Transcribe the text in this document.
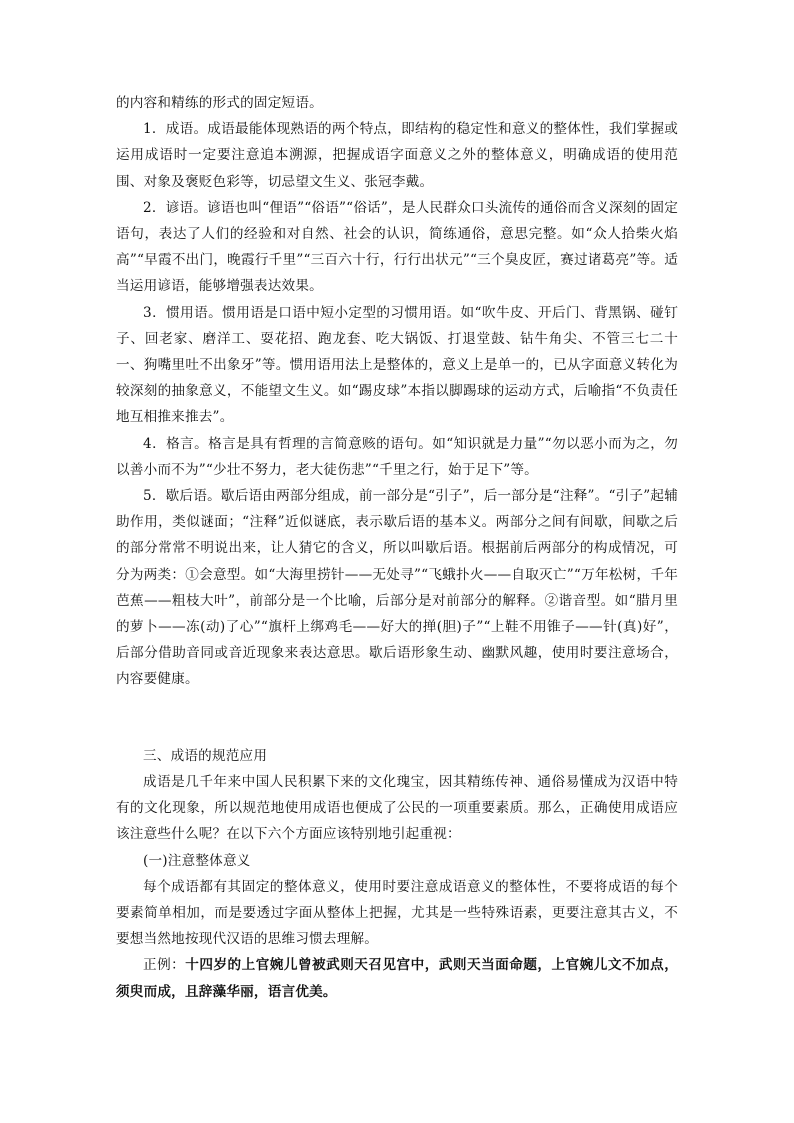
的内容和精练的形式的固定短语。

1．成语。成语最能体现熟语的两个特点，即结构的稳定性和意义的整体性，我们掌握或运用成语时一定要注意追本溯源，把握成语字面意义之外的整体意义，明确成语的使用范围、对象及褒贬色彩等，切忌望文生义、张冠李戴。

2．谚语。谚语也叫“俚语”“俗语”“俗话”，是人民群众口头流传的通俗而含义深刻的固定语句，表达了人们的经验和对自然、社会的认识，简练通俗，意思完整。如“众人拾柴火焰高”“早霞不出门，晚霞行千里”“三百六十行，行行出状元”“三个臭皮匠，赛过诸葛亮”等。适当运用谚语，能够增强表达效果。

3．惯用语。惯用语是口语中短小定型的习惯用语。如“吹牛皮、开后门、背黑锅、碰钉子、回老家、磨洋工、耍花招、跑龙套、吃大锅饭、打退堂鼓、钻牛角尖、不管三七二十一、狗嘴里吐不出象牙”等。惯用语用法上是整体的，意义上是单一的，已从字面意义转化为较深刻的抽象意义，不能望文生义。如“踢皮球”本指以脚踢球的运动方式，后喻指“不负责任地互相推来推去”。

4．格言。格言是具有哲理的言简意赅的语句。如“知识就是力量”“勿以恶小而为之，勿以善小而不为”“少壮不努力，老大徒伤悲”“千里之行，始于足下”等。

5．歇后语。歇后语由两部分组成，前一部分是“引子”，后一部分是“注释”。“引子”起辅助作用，类似谜面；“注释”近似谜底，表示歇后语的基本义。两部分之间有间歇，间歇之后的部分常常不明说出来，让人猜它的含义，所以叫歇后语。根据前后两部分的构成情况，可分为两类：①会意型。如“大海里捞针——无处寻”“飞蛾扑火——自取灭亡”“万年松树，千年芭蕉——粗枝大叶”，前部分是一个比喻，后部分是对前部分的解释。②谐音型。如“腊月里的萝卜——冻(动)了心”“旗杆上绑鸡毛——好大的掸(胆)子”“上鞋不用锥子——针(真)好”，后部分借助音同或音近现象来表达意思。歇后语形象生动、幽默风趣，使用时要注意场合，内容要健康。

三、成语的规范应用

成语是几千年来中国人民积累下来的文化瑰宝，因其精练传神、通俗易懂成为汉语中特有的文化现象，所以规范地使用成语也便成了公民的一项重要素质。那么，正确使用成语应该注意些什么呢？在以下六个方面应该特别地引起重视：

(一)注意整体意义

每个成语都有其固定的整体意义，使用时要注意成语意义的整体性，不要将成语的每个要素简单相加，而是要透过字面从整体上把握，尤其是一些特殊语素，更要注意其古义，不要想当然地按现代汉语的思维习惯去理解。

正例：十四岁的上官婉儿曾被武则天召见宫中，武则天当面命题，上官婉儿文不加点，须臾而成，且辞藻华丽，语言优美。
